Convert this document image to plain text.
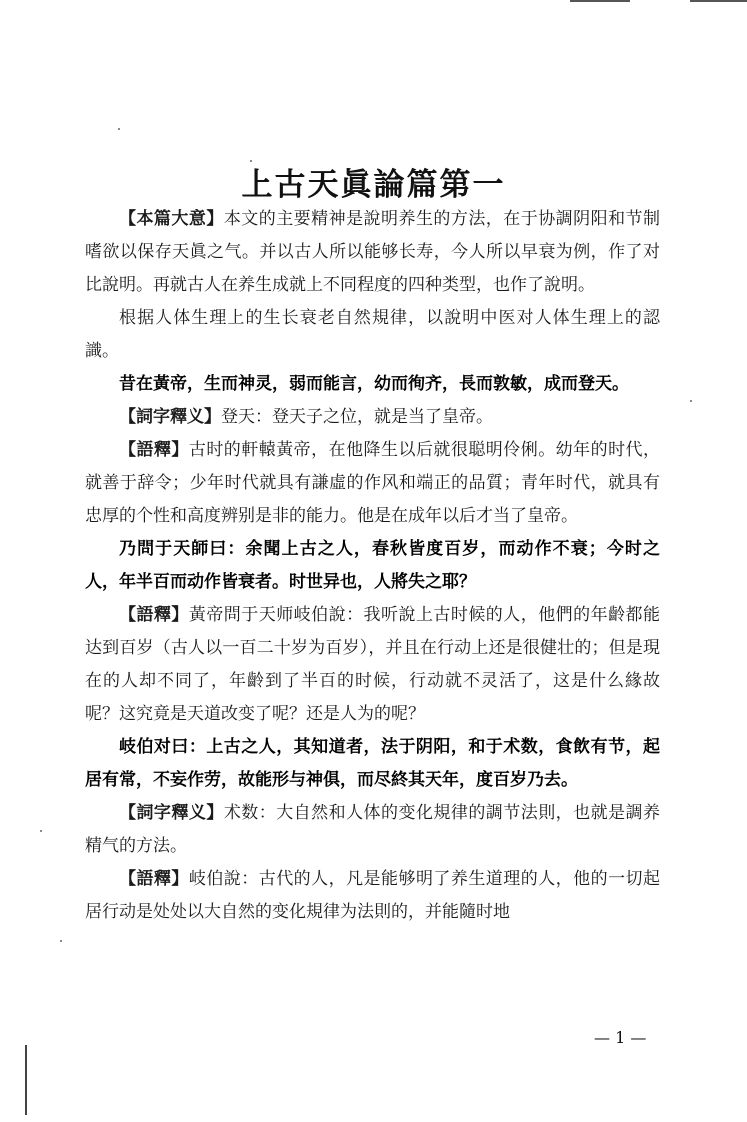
上古天眞論篇第一

【本篇大意】本文的主要精神是說明养生的方法，在于协調阴阳和节制嗜欲以保存天眞之气。并以古人所以能够长寿，今人所以早衰为例，作了对比說明。再就古人在养生成就上不同程度的四种类型，也作了說明。

根据人体生理上的生长衰老自然規律，以說明中医对人体生理上的認識。

昔在黃帝，生而神灵，弱而能言，幼而徇齐，長而敦敏，成而登天。

【詞字釋义】登天：登天子之位，就是当了皇帝。

【語釋】古时的軒轅黃帝，在他降生以后就很聪明伶俐。幼年的时代，就善于辞令；少年时代就具有謙虛的作风和端正的品質；青年时代，就具有忠厚的个性和高度辨别是非的能力。他是在成年以后才当了皇帝。

乃問于天師曰：余聞上古之人，春秋皆度百岁，而动作不衰；今时之人，年半百而动作皆衰者。时世异也，人將失之耶？

【語釋】黃帝問于天师岐伯說：我听說上古时候的人，他們的年齡都能达到百岁（古人以一百二十岁为百岁），并且在行动上还是很健壮的；但是現在的人却不同了，年齡到了半百的时候，行动就不灵活了，这是什么緣故呢？这究竟是天道改变了呢？还是人为的呢？

岐伯对曰：上古之人，其知道者，法于阴阳，和于术数，食飲有节，起居有常，不妄作劳，故能形与神俱，而尽終其天年，度百岁乃去。

【詞字釋义】术数：大自然和人体的变化規律的調节法則，也就是調养精气的方法。

【語釋】岐伯說：古代的人，凡是能够明了养生道理的人，他的一切起居行动是处处以大自然的变化規律为法則的，并能隨时地

— 1 —
